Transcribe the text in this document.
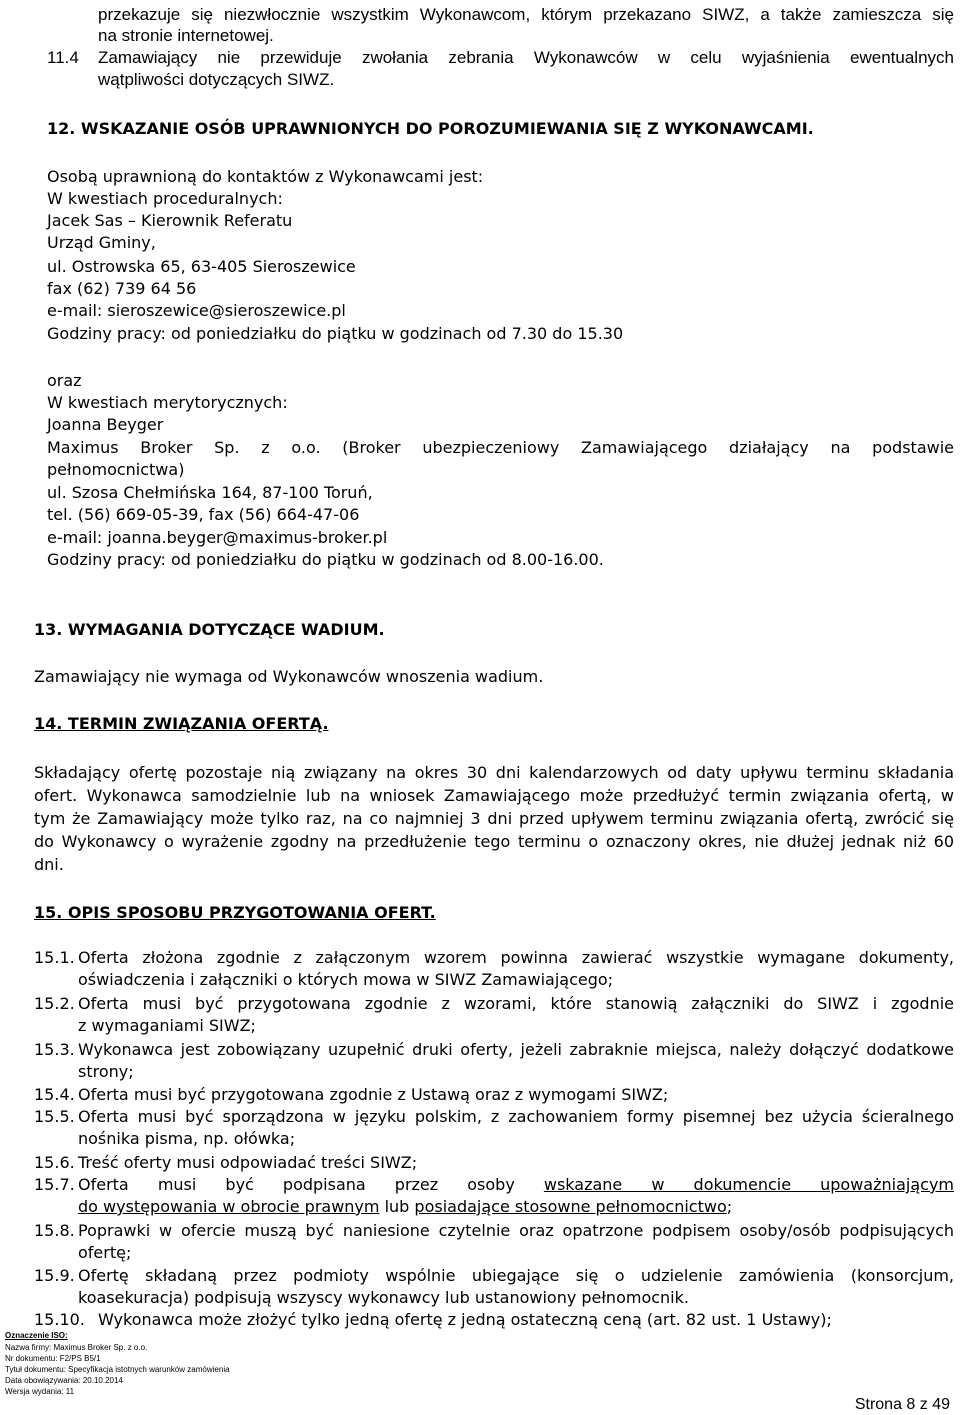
przekazuje się niezwłocznie wszystkim Wykonawcom, którym przekazano SIWZ, a także zamieszcza się
na stronie internetowej.
11.4 Zamawiający nie przewiduje zwołania zebrania Wykonawców w celu wyjaśnienia ewentualnych
wątpliwości dotyczących SIWZ.
12. WSKAZANIE OSÓB UPRAWNIONYCH DO POROZUMIEWANIA SIĘ Z WYKONAWCAMI.
Osobą uprawnioną do kontaktów z Wykonawcami jest:
W kwestiach proceduralnych:
Jacek Sas – Kierownik Referatu
Urząd Gminy,
ul. Ostrowska 65, 63-405 Sieroszewice
fax (62) 739 64 56
e-mail: sieroszewice@sieroszewice.pl
Godziny pracy: od poniedziałku do piątku w godzinach od 7.30 do 15.30
oraz
W kwestiach merytorycznych:
Joanna Beyger
Maximus Broker Sp. z o.o. (Broker ubezpieczeniowy Zamawiającego działający na podstawie
pełnomocnictwa)
ul. Szosa Chełmińska 164, 87-100 Toruń,
tel. (56) 669-05-39, fax (56) 664-47-06
e-mail: joanna.beyger@maximus-broker.pl
Godziny pracy: od poniedziałku do piątku w godzinach od 8.00-16.00.
13. WYMAGANIA DOTYCZĄCE WADIUM.
Zamawiający nie wymaga od Wykonawców wnoszenia wadium.
14. TERMIN ZWIĄZANIA OFERTĄ.
Składający ofertę pozostaje nią związany na okres 30 dni kalendarzowych od daty upływu terminu składania
ofert. Wykonawca samodzielnie lub na wniosek Zamawiającego może przedłużyć termin związania ofertą, w
tym że Zamawiający może tylko raz, na co najmniej 3 dni przed upływem terminu związania ofertą, zwrócić się
do Wykonawcy o wyrażenie zgodny na przedłużenie tego terminu o oznaczony okres, nie dłużej jednak niż 60
dni.
15. OPIS SPOSOBU PRZYGOTOWANIA OFERT.
15.1. Oferta złożona zgodnie z załączonym wzorem powinna zawierać wszystkie wymagane dokumenty,
oświadczenia i załączniki o których mowa w SIWZ Zamawiającego;
15.2. Oferta musi być przygotowana zgodnie z wzorami, które stanowią załączniki do SIWZ i zgodnie
z wymaganiami SIWZ;
15.3. Wykonawca jest zobowiązany uzupełnić druki oferty, jeżeli zabraknie miejsca, należy dołączyć dodatkowe
strony;
15.4. Oferta musi być przygotowana zgodnie z Ustawą oraz z wymogami SIWZ;
15.5. Oferta musi być sporządzona w języku polskim, z zachowaniem formy pisemnej bez użycia ścieralnego
nośnika pisma, np. ołówka;
15.6. Treść oferty musi odpowiadać treści SIWZ;
15.7. Oferta musi być podpisana przez osoby wskazane w dokumencie upoważniającym
do występowania w obrocie prawnym lub posiadające stosowne pełnomocnictwo;
15.8. Poprawki w ofercie muszą być naniesione czytelnie oraz opatrzone podpisem osoby/osób podpisujących
ofertę;
15.9. Ofertę składaną przez podmioty wspólnie ubiegające się o udzielenie zamówienia (konsorcjum,
koasekuracja) podpisują wszyscy wykonawcy lub ustanowiony pełnomocnik.
15.10. Wykonawca może złożyć tylko jedną ofertę z jedną ostateczną ceną (art. 82 ust. 1 Ustawy);
Oznaczenie ISO:
Nazwa firmy: Maximus Broker Sp. z o.o.
Nr dokumentu: F2/PS B5/1
Tytuł dokumentu: Specyfikacja istotnych warunków zamówienia
Data obowiązywania: 20.10.2014
Wersja wydania: 11
Strona 8 z 49
